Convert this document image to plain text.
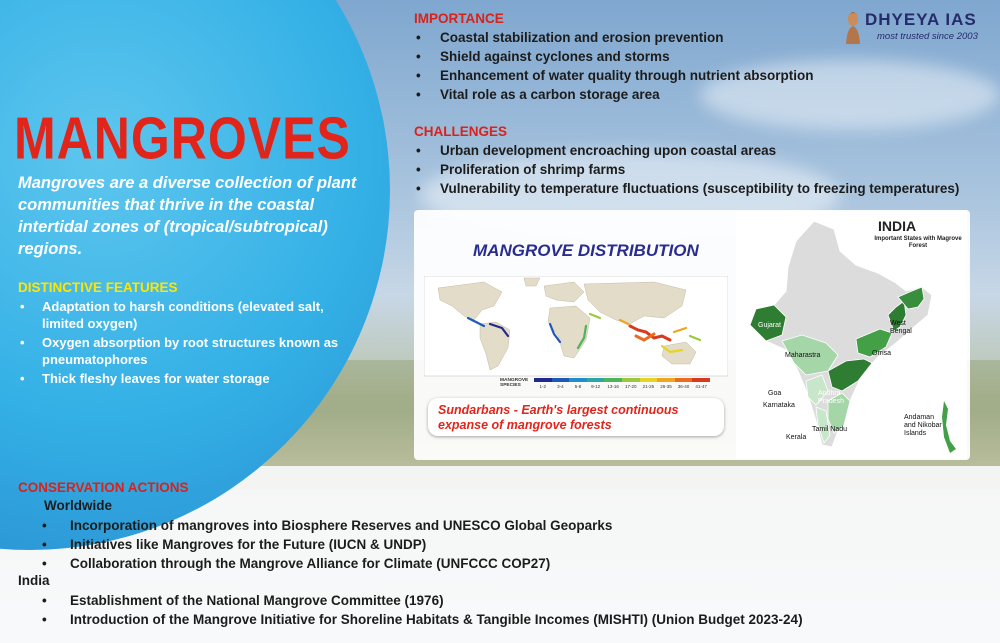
DHYEYA IAS
most trusted since 2003
MANGROVES
Mangroves are a diverse collection of plant communities that thrive in the coastal intertidal zones of (tropical/subtropical) regions.
DISTINCTIVE FEATURES
• Adaptation to harsh conditions (elevated salt, limited oxygen)
• Oxygen absorption by root structures known as pneumatophores
• Thick fleshy leaves for water storage
IMPORTANCE
• Coastal stabilization and erosion prevention
• Shield against cyclones and storms
• Enhancement of water quality through nutrient absorption
• Vital role as a carbon storage area
CHALLENGES
• Urban development encroaching upon coastal areas
• Proliferation of shrimp farms
• Vulnerability to temperature fluctuations (susceptibility to freezing temperatures)
MANGROVE DISTRIBUTION
MANGROVE SPECIES	1-2	3-4	5-8	9-12	13-16	17-20	21-25	26-35	36-40	41-47
Sundarbans - Earth's largest continuous expanse of mangrove forests
INDIA
Important States with Magrove Forest
Gujarat	West Bengal
Maharastra	Orrisa
Goa
Karnataka
Andhra Pradesh
Tamil Nadu
Kerala
Andaman and Nikobar Islands
CONSERVATION ACTIONS
Worldwide
• Incorporation of mangroves into Biosphere Reserves and UNESCO Global Geoparks
• Initiatives like Mangroves for the Future (IUCN & UNDP)
• Collaboration through the Mangrove Alliance for Climate (UNFCCC COP27)
India
• Establishment of the National Mangrove Committee (1976)
• Introduction of the Mangrove Initiative for Shoreline Habitats & Tangible Incomes (MISHTI) (Union Budget 2023-24)
